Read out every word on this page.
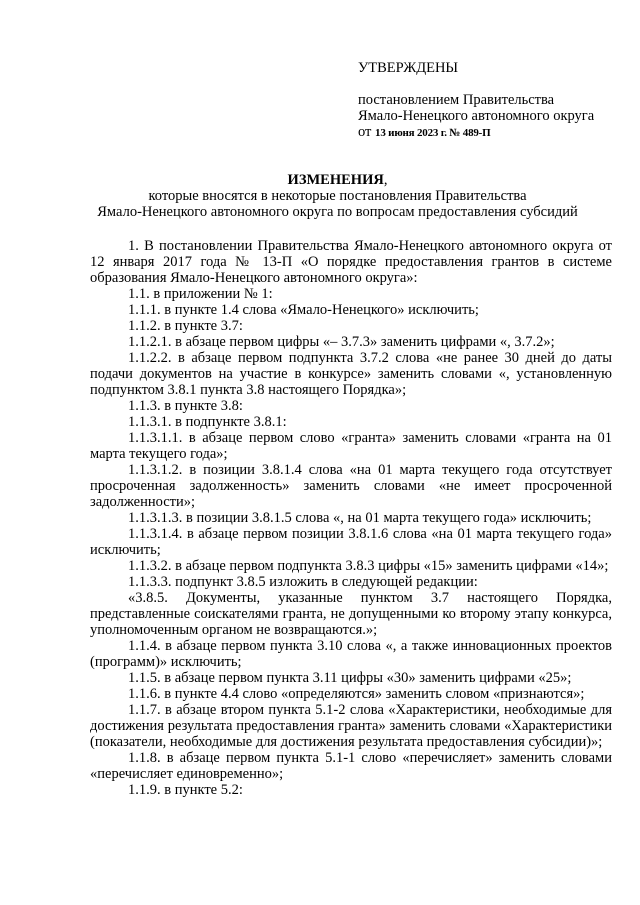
УТВЕРЖДЕНЫ
постановлением Правительства
Ямало-Ненецкого автономного округа
от 13 июня 2023 г. № 489-П
ИЗМЕНЕНИЯ,
которые вносятся в некоторые постановления Правительства
Ямало-Ненецкого автономного округа по вопросам предоставления субсидий

1. В постановлении Правительства Ямало-Ненецкого автономного округа от 12 января 2017 года № 13-П «О порядке предоставления грантов в системе образования Ямало-Ненецкого автономного округа»:

1.1. в приложении № 1:

1.1.1. в пункте 1.4 слова «Ямало-Ненецкого» исключить;

1.1.2. в пункте 3.7:

1.1.2.1. в абзаце первом цифры «– 3.7.3» заменить цифрами «, 3.7.2»;

1.1.2.2. в абзаце первом подпункта 3.7.2 слова «не ранее 30 дней до даты подачи документов на участие в конкурсе» заменить словами «, установленную подпунктом 3.8.1 пункта 3.8 настоящего Порядка»;

1.1.3. в пункте 3.8:

1.1.3.1. в подпункте 3.8.1:

1.1.3.1.1. в абзаце первом слово «гранта» заменить словами «гранта на 01 марта текущего года»;

1.1.3.1.2. в позиции 3.8.1.4 слова «на 01 марта текущего года отсутствует просроченная задолженность» заменить словами «не имеет просроченной задолженности»;

1.1.3.1.3. в позиции 3.8.1.5 слова «, на 01 марта текущего года» исключить;

1.1.3.1.4. в абзаце первом позиции 3.8.1.6 слова «на 01 марта текущего года» исключить;

1.1.3.2. в абзаце первом подпункта 3.8.3 цифры «15» заменить цифрами «14»;

1.1.3.3. подпункт 3.8.5 изложить в следующей редакции:

«3.8.5. Документы, указанные пунктом 3.7 настоящего Порядка, представленные соискателями гранта, не допущенными ко второму этапу конкурса, уполномоченным органом не возвращаются.»;

1.1.4. в абзаце первом пункта 3.10 слова «, а также инновационных проектов (программ)» исключить;

1.1.5. в абзаце первом пункта 3.11 цифры «30» заменить цифрами «25»;

1.1.6. в пункте 4.4 слово «определяются» заменить словом «признаются»;

1.1.7. в абзаце втором пункта 5.1-2 слова «Характеристики, необходимые для достижения результата предоставления гранта» заменить словами «Характеристики (показатели, необходимые для достижения результата предоставления субсидии)»;

1.1.8. в абзаце первом пункта 5.1-1 слово «перечисляет» заменить словами «перечисляет единовременно»;

1.1.9. в пункте 5.2:
